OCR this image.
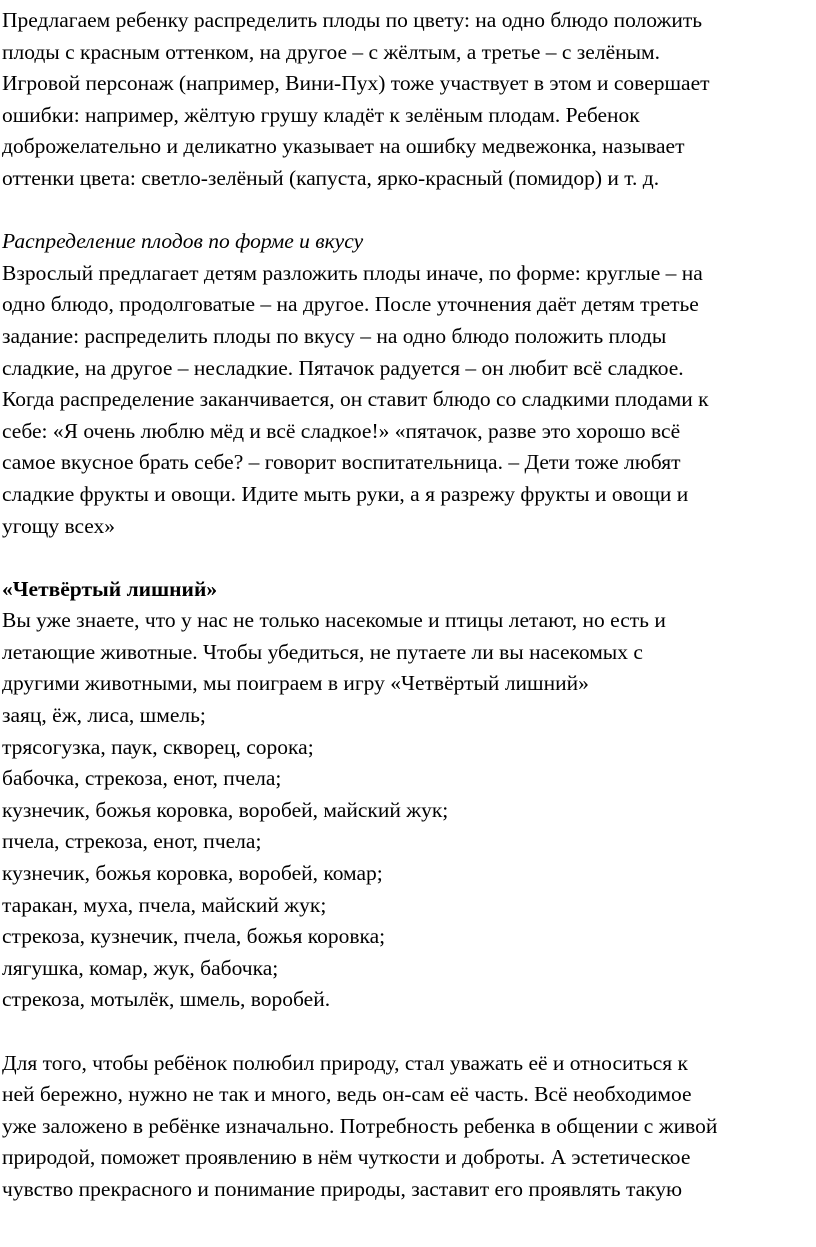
Предлагаем ребенку распределить плоды по цвету: на одно блюдо положить
плоды с красным оттенком, на другое – с жёлтым, а третье – с зелёным.
Игровой персонаж (например, Вини-Пух) тоже участвует в этом и совершает
ошибки: например, жёлтую грушу кладёт к зелёным плодам. Ребенок
доброжелательно и деликатно указывает на ошибку медвежонка, называет
оттенки цвета: светло-зелёный (капуста, ярко-красный (помидор) и т. д.
Распределение плодов по форме и вкусу
Взрослый предлагает детям разложить плоды иначе, по форме: круглые – на
одно блюдо, продолговатые – на другое. После уточнения даёт детям третье
задание: распределить плоды по вкусу – на одно блюдо положить плоды
сладкие, на другое – несладкие. Пятачок радуется – он любит всё сладкое.
Когда распределение заканчивается, он ставит блюдо со сладкими плодами к
себе: «Я очень люблю мёд и всё сладкое!» «пятачок, разве это хорошо всё
самое вкусное брать себе? – говорит воспитательница. – Дети тоже любят
сладкие фрукты и овощи. Идите мыть руки, а я разрежу фрукты и овощи и
угощу всех»
«Четвёртый лишний»
Вы уже знаете, что у нас не только насекомые и птицы летают, но есть и
летающие животные. Чтобы убедиться, не путаете ли вы насекомых с
другими животными, мы поиграем в игру «Четвёртый лишний»
заяц, ёж, лиса, шмель;
трясогузка, паук, скворец, сорока;
бабочка, стрекоза, енот, пчела;
кузнечик, божья коровка, воробей, майский жук;
пчела, стрекоза, енот, пчела;
кузнечик, божья коровка, воробей, комар;
таракан, муха, пчела, майский жук;
стрекоза, кузнечик, пчела, божья коровка;
лягушка, комар, жук, бабочка;
стрекоза, мотылёк, шмель, воробей.
Для того, чтобы ребёнок полюбил природу, стал уважать её и относиться к
ней бережно, нужно не так и много, ведь он-сам её часть. Всё необходимое
уже заложено в ребёнке изначально. Потребность ребенка в общении с живой
природой, поможет проявлению в нём чуткости и доброты. А эстетическое
чувство прекрасного и понимание природы, заставит его проявлять такую
